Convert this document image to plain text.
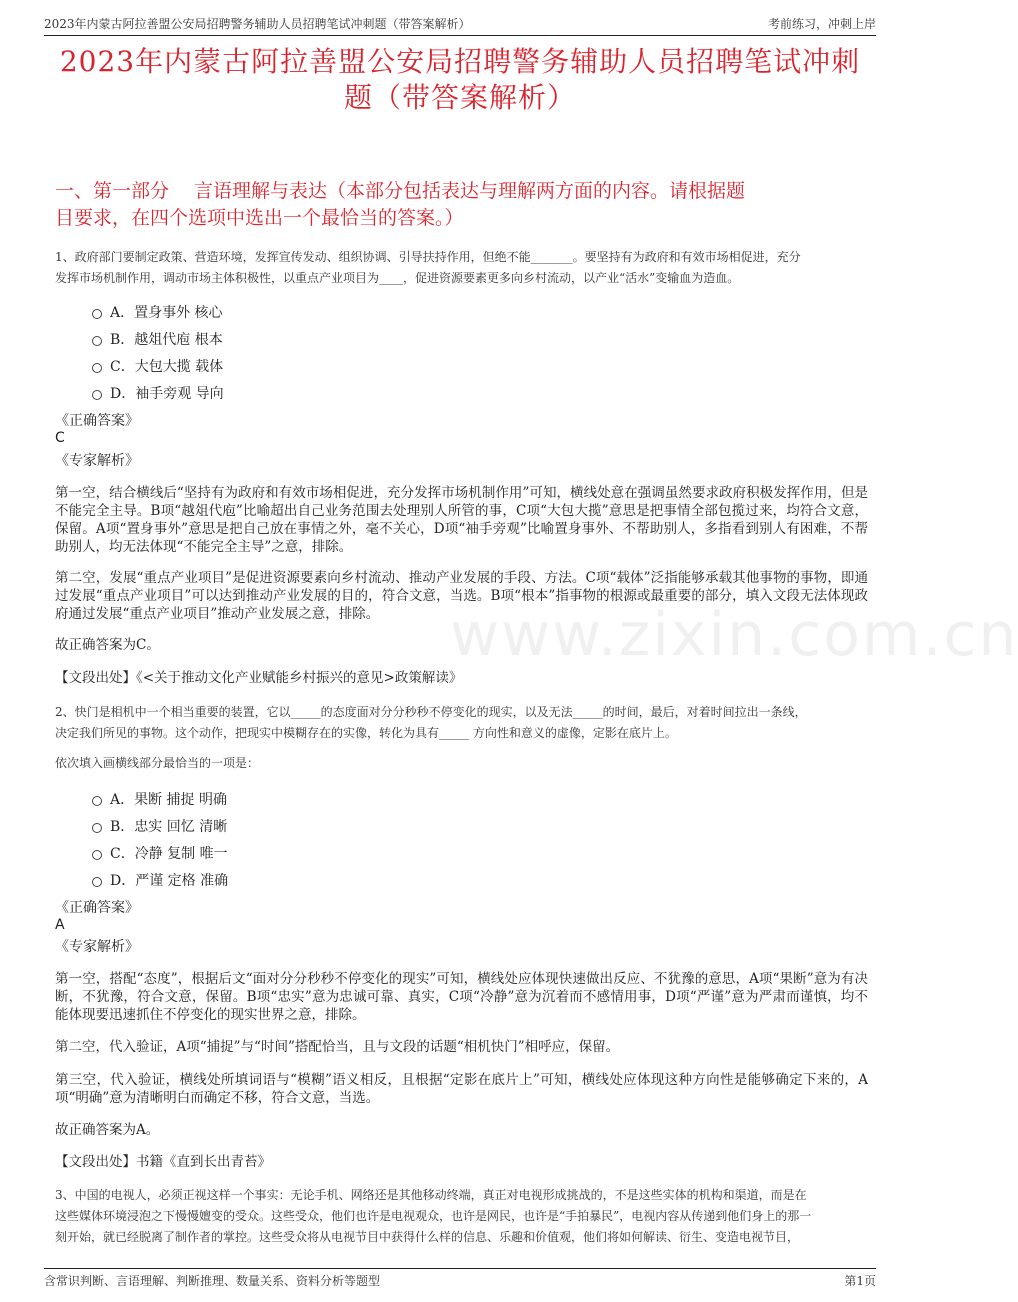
2023年内蒙古阿拉善盟公安局招聘警务辅助人员招聘笔试冲刺题（带答案解析）	考前练习，冲刺上岸
2023年内蒙古阿拉善盟公安局招聘警务辅助人员招聘笔试冲刺
题（带答案解析）
一、第一部分　 言语理解与表达（本部分包括表达与理解两方面的内容。请根据题
目要求，在四个选项中选出一个最恰当的答案。）
www.zixin.com.cn
1、政府部门要制定政策、营造环境，发挥宣传发动、组织协调、引导扶持作用，但绝不能_______。要坚持有为政府和有效市场相促进，充分
发挥市场机制作用，调动市场主体积极性，以重点产业项目为____，促进资源要素更多向乡村流动，以产业“活水”变输血为造血。
A．置身事外 核心
B．越俎代庖 根本
C．大包大揽 载体
D．袖手旁观 导向
《正确答案》
C
《专家解析》
第一空，结合横线后“坚持有为政府和有效市场相促进，充分发挥市场机制作用”可知，横线处意在强调虽然要求政府积极发挥作用，但是不能完全主导。B项“越俎代庖”比喻超出自己业务范围去处理别人所管的事，C项“大包大揽”意思是把事情全部包揽过来，均符合文意，保留。A项“置身事外”意思是把自己放在事情之外，毫不关心，D项“袖手旁观”比喻置身事外、不帮助别人，多指看到别人有困难，不帮助别人，均无法体现“不能完全主导”之意，排除。
第二空，发展“重点产业项目”是促进资源要素向乡村流动、推动产业发展的手段、方法。C项“载体”泛指能够承载其他事物的事物，即通过发展“重点产业项目”可以达到推动产业发展的目的，符合文意，当选。B项“根本”指事物的根源或最重要的部分，填入文段无法体现政府通过发展“重点产业项目”推动产业发展之意，排除。
故正确答案为C。
【文段出处】《<关于推动文化产业赋能乡村振兴的意见>政策解读》
2、快门是相机中一个相当重要的装置，它以_____的态度面对分分秒秒不停变化的现实，以及无法_____的时间，最后，对着时间拉出一条线，
决定我们所见的事物。这个动作，把现实中模糊存在的实像，转化为具有_____ 方向性和意义的虚像，定影在底片上。
依次填入画横线部分最恰当的一项是：
A．果断 捕捉 明确
B．忠实 回忆 清晰
C．冷静 复制 唯一
D．严谨 定格 准确
《正确答案》
A
《专家解析》
第一空，搭配“态度”，根据后文“面对分分秒秒不停变化的现实”可知，横线处应体现快速做出反应、不犹豫的意思，A项“果断”意为有决断，不犹豫，符合文意，保留。B项“忠实”意为忠诚可靠、真实，C项“冷静”意为沉着而不感情用事，D项“严谨”意为严肃而谨慎，均不能体现要迅速抓住不停变化的现实世界之意，排除。
第二空，代入验证，A项“捕捉”与“时间”搭配恰当，且与文段的话题“相机快门”相呼应，保留。
第三空，代入验证，横线处所填词语与“模糊”语义相反，且根据“定影在底片上”可知，横线处应体现这种方向性是能够确定下来的，A项“明确”意为清晰明白而确定不移，符合文意，当选。
故正确答案为A。
【文段出处】书籍《直到长出青苔》
3、中国的电视人，必须正视这样一个事实：无论手机、网络还是其他移动终端，真正对电视形成挑战的，不是这些实体的机构和渠道，而是在
这些媒体环境浸泡之下慢慢嬗变的受众。这些受众，他们也许是电视观众，也许是网民，也许是“手拍暴民”，电视内容从传递到他们身上的那一
刻开始，就已经脱离了制作者的掌控。这些受众将从电视节目中获得什么样的信息、乐趣和价值观，他们将如何解读、衍生、变造电视节目，
含常识判断、言语理解、判断推理、数量关系、资料分析等题型	第1页
